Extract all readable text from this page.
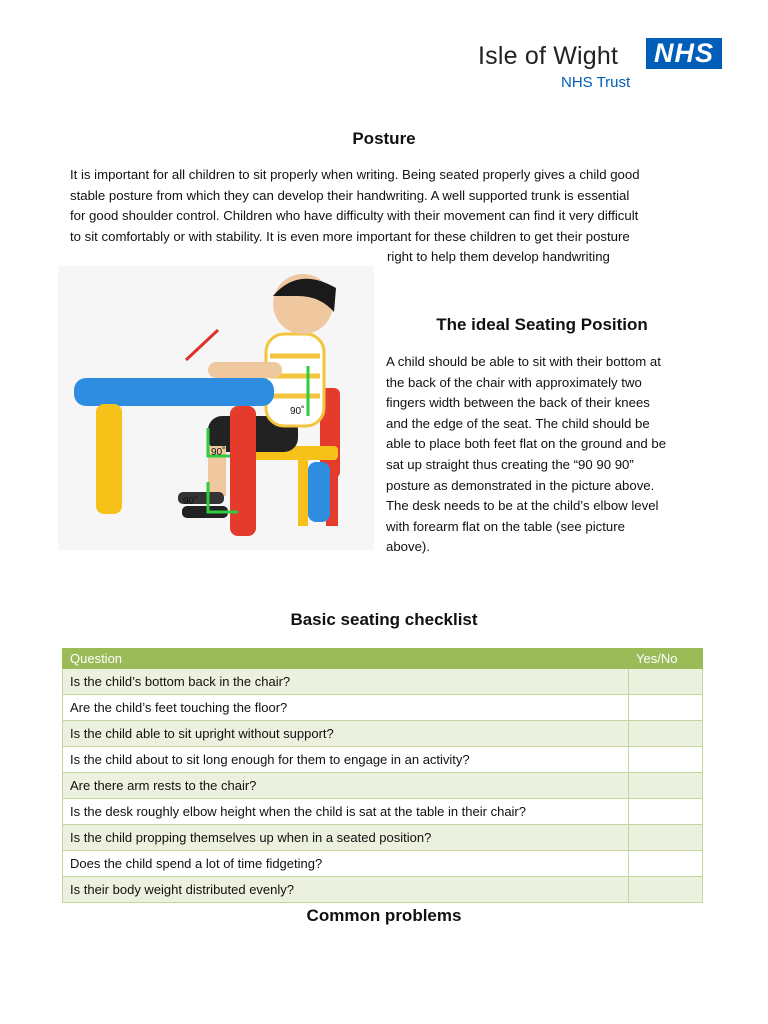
Isle of Wight NHS
NHS Trust
Posture
It is important for all children to sit properly when writing. Being seated properly gives a child good
stable posture from which they can develop their handwriting. A well supported trunk is essential
for good shoulder control. Children who have difficulty with their movement can find it very difficult
to sit comfortably or with stability. It is even more important for these children to get their posture
right to help them develop handwriting
90˚
90˚
90˚
The ideal Seating Position
A child should be able to sit with their bottom at
the back of the chair with approximately two
fingers width between the back of their knees
and the edge of the seat. The child should be
able to place both feet flat on the ground and be
sat up straight thus creating the “90 90 90”
posture as demonstrated in the picture above.
The desk needs to be at the child’s elbow level
with forearm flat on the table (see picture
above).
Basic seating checklist
Question	Yes/No
Is the child’s bottom back in the chair?	
Are the child’s feet touching the floor?	
Is the child able to sit upright without support?	
Is the child about to sit long enough for them to engage in an activity?	
Are there arm rests to the chair?	
Is the desk roughly elbow height when the child is sat at the table in their chair?	
Is the child propping themselves up when in a seated position?	
Does the child spend a lot of time fidgeting?	
Is their body weight distributed evenly?	
Common problems
